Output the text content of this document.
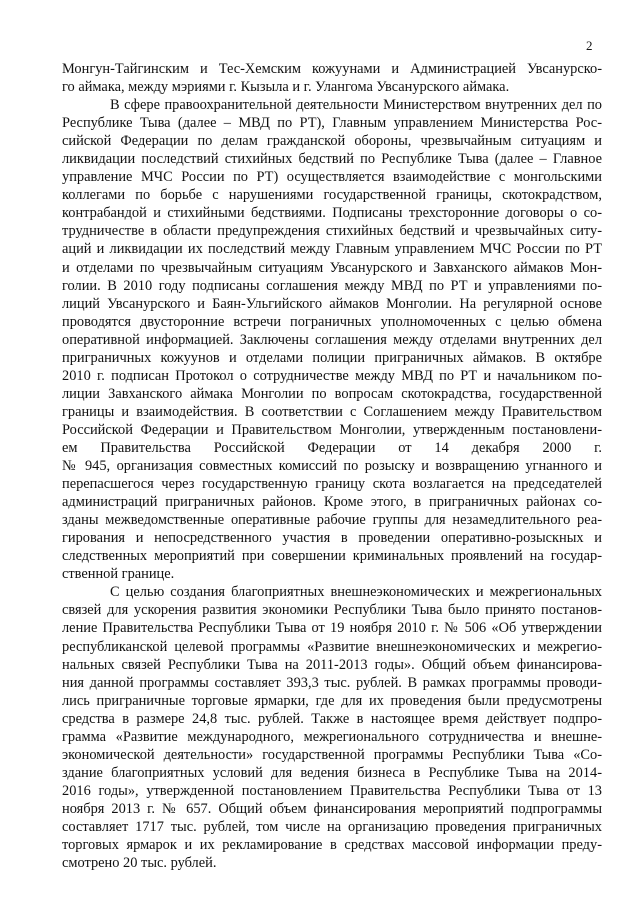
2
Монгун-Тайгинским и Тес-Хемским кожуунами и Администрацией Увсанурско-
го аймака, между мэриями г. Кызыла и г. Улангома Увсанурского аймака.
В сфере правоохранительной деятельности Министерством внутренних дел по
Республике Тыва (далее – МВД по РТ), Главным управлением Министерства Рос-
сийской Федерации по делам гражданской обороны, чрезвычайным ситуациям и
ликвидации последствий стихийных бедствий по Республике Тыва (далее – Главное
управление МЧС России по РТ) осуществляется взаимодействие с монгольскими
коллегами по борьбе с нарушениями государственной границы, скотокрадством,
контрабандой и стихийными бедствиями. Подписаны трехсторонние договоры о со-
трудничестве в области предупреждения стихийных бедствий и чрезвычайных ситу-
аций и ликвидации их последствий между Главным управлением МЧС России по РТ
и отделами по чрезвычайным ситуациям Увсанурского и Завханского аймаков Мон-
голии. В 2010 году подписаны соглашения между МВД по РТ и управлениями по-
лиций Увсанурского и Баян-Ульгийского аймаков Монголии. На регулярной основе
проводятся двусторонние встречи пограничных уполномоченных с целью обмена
оперативной информацией. Заключены соглашения между отделами внутренних дел
приграничных кожуунов и отделами полиции приграничных аймаков. В октябре
2010 г. подписан Протокол о сотрудничестве между МВД по РТ и начальником по-
лиции Завханского аймака Монголии по вопросам скотокрадства, государственной
границы и взаимодействия. В соответствии с Соглашением между Правительством
Российской Федерации и Правительством Монголии, утвержденным постановлени-
ем Правительства Российской Федерации от 14 декабря 2000 г.
№ 945, организация совместных комиссий по розыску и возвращению угнанного и
перепасшегося через государственную границу скота возлагается на председателей
администраций приграничных районов. Кроме этого, в приграничных районах со-
зданы межведомственные оперативные рабочие группы для незамедлительного реа-
гирования и непосредственного участия в проведении оперативно-розыскных и
следственных мероприятий при совершении криминальных проявлений на государ-
ственной границе.
С целью создания благоприятных внешнеэкономических и межрегиональных
связей для ускорения развития экономики Республики Тыва было принято постанов-
ление Правительства Республики Тыва от 19 ноября 2010 г. № 506 «Об утверждении
республиканской целевой программы «Развитие внешнеэкономических и межрегио-
нальных связей Республики Тыва на 2011-2013 годы». Общий объем финансирова-
ния данной программы составляет 393,3 тыс. рублей. В рамках программы проводи-
лись приграничные торговые ярмарки, где для их проведения были предусмотрены
средства в размере 24,8 тыс. рублей. Также в настоящее время действует подпро-
грамма «Развитие международного, межрегионального сотрудничества и внешне-
экономической деятельности» государственной программы Республики Тыва «Со-
здание благоприятных условий для ведения бизнеса в Республике Тыва на 2014-
2016 годы», утвержденной постановлением Правительства Республики Тыва от 13
ноября 2013 г. № 657. Общий объем финансирования мероприятий подпрограммы
составляет 1717 тыс. рублей, том числе на организацию проведения приграничных
торговых ярмарок и их рекламирование в средствах массовой информации преду-
смотрено 20 тыс. рублей.
